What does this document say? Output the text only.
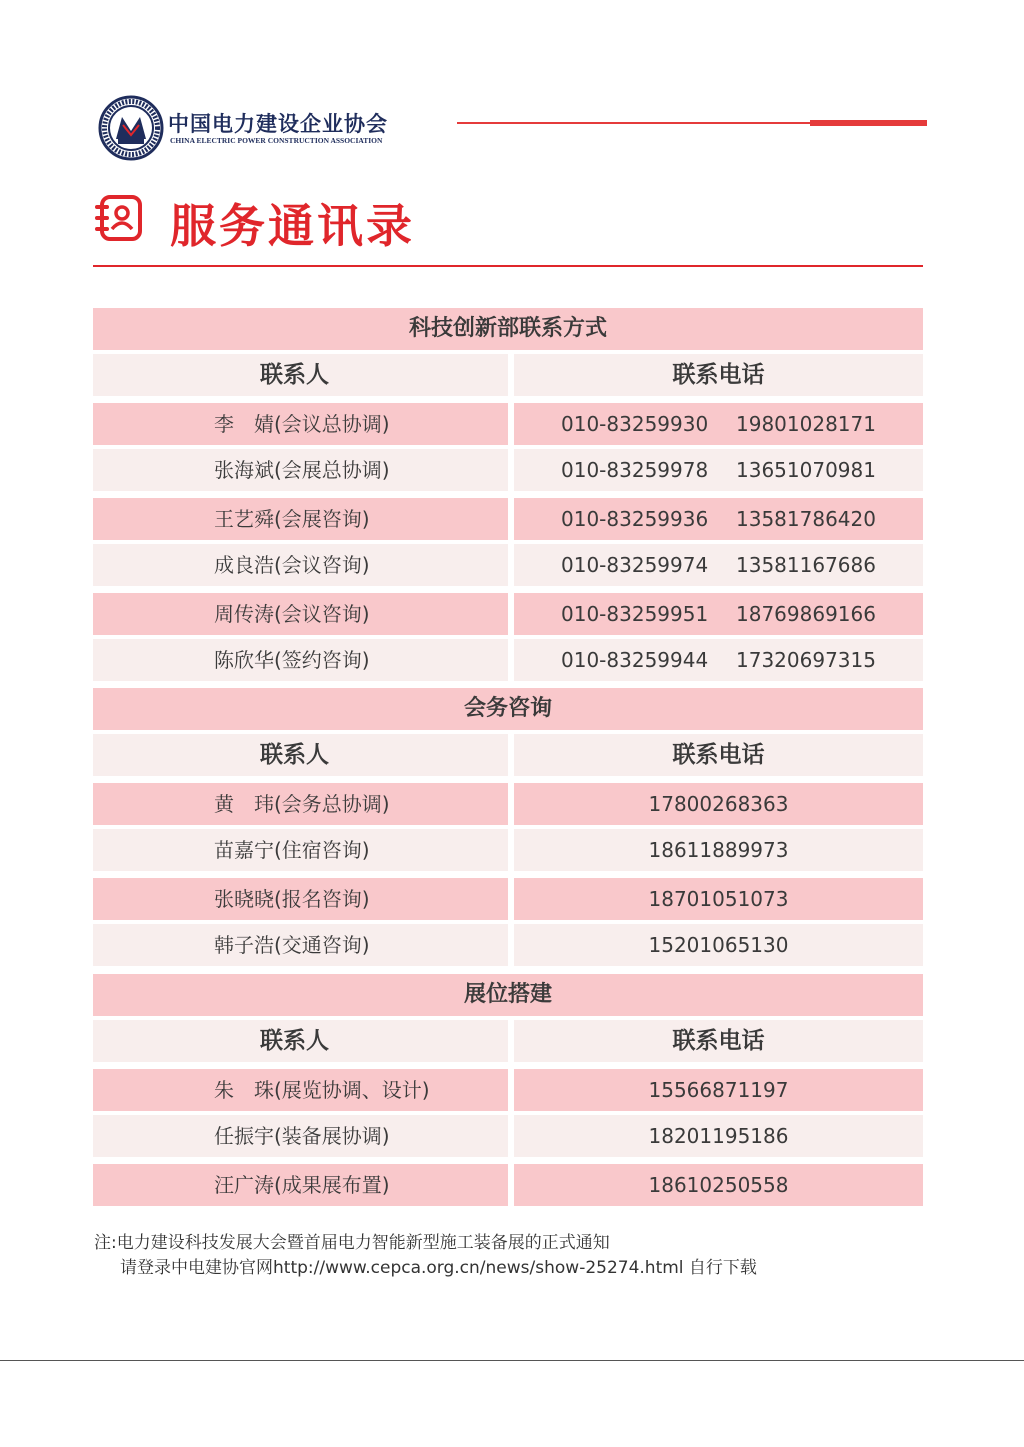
中国电力建设企业协会
CHINA ELECTRIC POWER CONSTRUCTION ASSOCIATION
服务通讯录
科技创新部联系方式
联系人	联系电话
李　婧(会议总协调)	010-83259930	19801028171
张海斌(会展总协调)	010-83259978	13651070981
王艺舜(会展咨询)	010-83259936	13581786420
成良浩(会议咨询)	010-83259974	13581167686
周传涛(会议咨询)	010-83259951	18769869166
陈欣华(签约咨询)	010-83259944	17320697315
会务咨询
联系人	联系电话
黄　玮(会务总协调)	17800268363
苗嘉宁(住宿咨询)	18611889973
张晓晓(报名咨询)	18701051073
韩子浩(交通咨询)	15201065130
展位搭建
联系人	联系电话
朱　珠(展览协调、设计)	15566871197
任振宇(装备展协调)	18201195186
汪广涛(成果展布置)	18610250558
注:电力建设科技发展大会暨首届电力智能新型施工装备展的正式通知
请登录中电建协官网http://www.cepca.org.cn/news/show-25274.html 自行下载
